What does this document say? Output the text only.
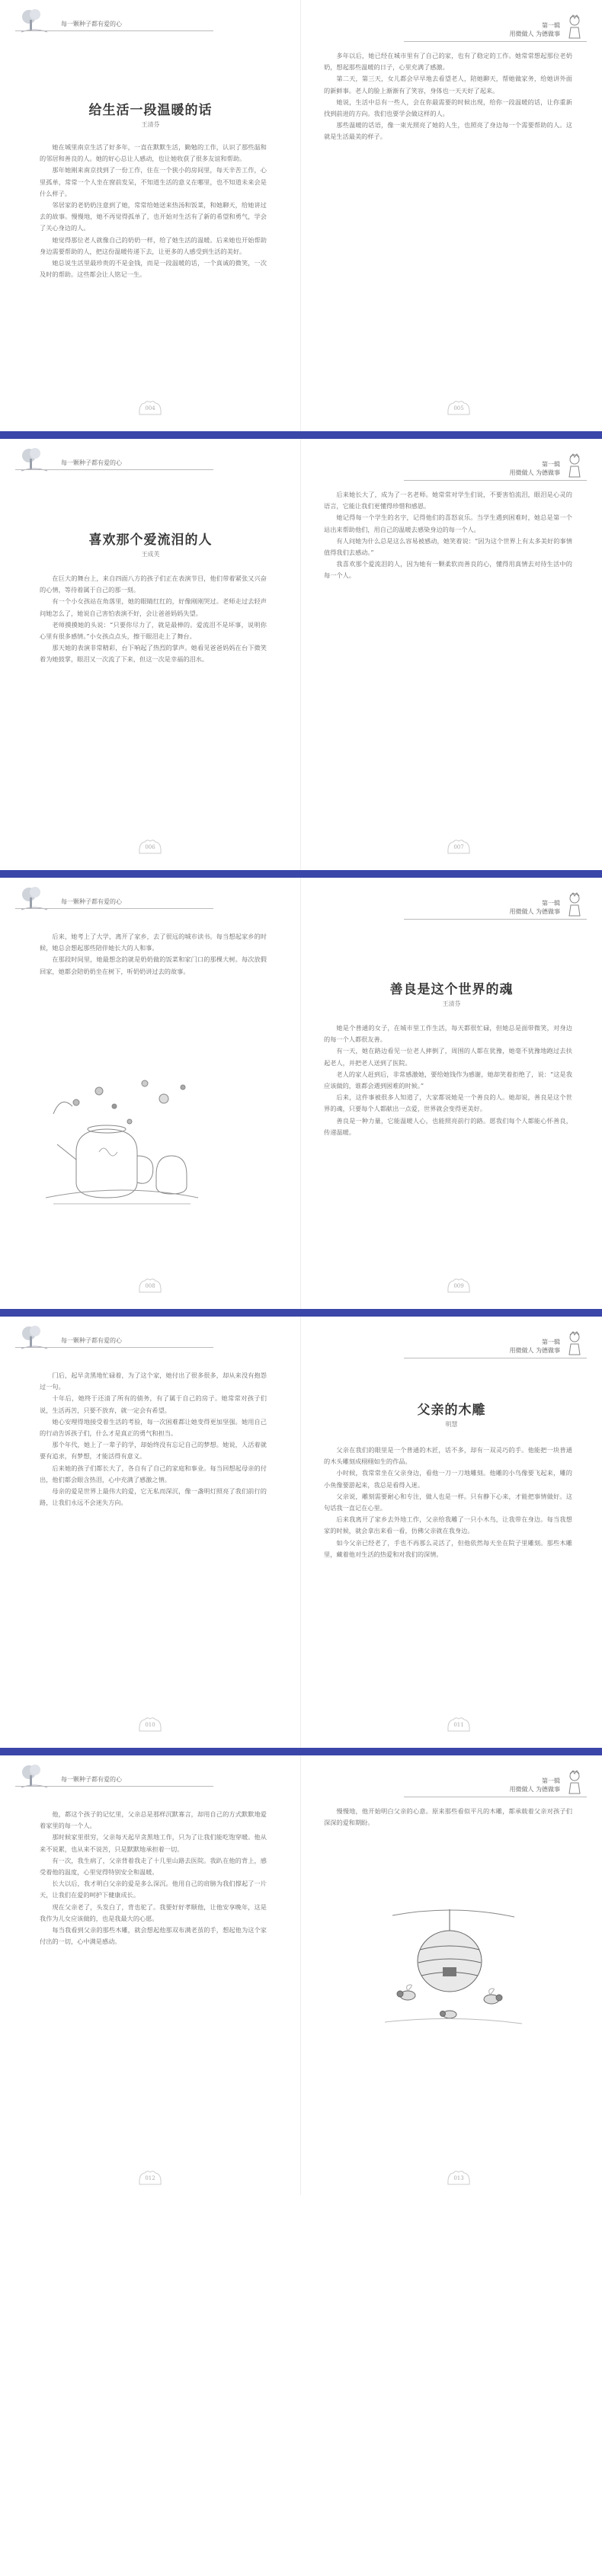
每一颗种子都有爱的心
给生活一段温暖的话
王清芬

她在城里南京生活了好多年，一直在默默生活，勤勉的工作，认识了那些温和的邻居和善良的人。她的好心总让人感动，也让她收获了很多友谊和帮助。

那年她刚来南京找到了一份工作，住在一个狭小的房间里，每天辛苦工作，心里孤单，常常一个人坐在窗前发呆，不知道生活的意义在哪里，也不知道未来会是什么样子。

邻居家的老奶奶注意到了她，常常给她送来热汤和饭菜，和她聊天，给她讲过去的故事。慢慢地，她不再觉得孤单了，也开始对生活有了新的希望和勇气，学会了关心身边的人。

她觉得那位老人就像自己的奶奶一样，给了她生活的温暖。后来她也开始帮助身边需要帮助的人，把这份温暖传递下去，让更多的人感受到生活的美好。

她总说生活里最珍贵的不是金钱，而是一段温暖的话，一个真诚的微笑，一次及时的帮助。这些都会让人铭记一生。

004
第一辑
用微做人 为德做事

多年以后，她已经在城市里有了自己的家，也有了稳定的工作。她常常想起那位老奶奶，想起那些温暖的日子，心里充满了感激。

第二天，第三天，女儿都会早早地去看望老人，陪她聊天，帮她做家务，给她讲外面的新鲜事。老人的脸上渐渐有了笑容，身体也一天天好了起来。

她说，生活中总有一些人，会在你最需要的时候出现，给你一段温暖的话，让你重新找到前进的方向。我们也要学会做这样的人。

那些温暖的话语，像一束光照亮了她的人生，也照亮了身边每一个需要帮助的人。这就是生活最美的样子。

005
每一颗种子都有爱的心
喜欢那个爱流泪的人
王成芙

在巨大的舞台上，来自四面八方的孩子们正在表演节目，他们带着紧张又兴奋的心情，等待着属于自己的那一刻。

有一个小女孩站在角落里，她的眼睛红红的，好像刚刚哭过。老师走过去轻声问她怎么了，她说自己害怕表演不好，会让爸爸妈妈失望。

老师摸摸她的头说：“只要你尽力了，就是最棒的。爱流泪不是坏事，说明你心里有很多感情。”小女孩点点头，擦干眼泪走上了舞台。

那天她的表演非常精彩，台下响起了热烈的掌声。她看见爸爸妈妈在台下微笑着为她鼓掌，眼泪又一次流了下来，但这一次是幸福的泪水。

006
第一辑
用微做人 为德做事

后来她长大了，成为了一名老师。她常常对学生们说，不要害怕流泪，眼泪是心灵的语言，它能让我们更懂得珍惜和感恩。

她记得每一个学生的名字，记得他们的喜怒哀乐。当学生遇到困难时，她总是第一个站出来帮助他们，用自己的温暖去感染身边的每一个人。

有人问她为什么总是这么容易被感动，她笑着说：“因为这个世界上有太多美好的事情值得我们去感动。”

我喜欢那个爱流泪的人，因为她有一颗柔软而善良的心，懂得用真情去对待生活中的每一个人。

007
每一颗种子都有爱的心

后来，她考上了大学，离开了家乡，去了很远的城市读书。每当想起家乡的时候，她总会想起那些陪伴她长大的人和事。

在那段时间里，她最想念的就是奶奶做的饭菜和家门口的那棵大树。每次放假回家，她都会陪奶奶坐在树下，听奶奶讲过去的故事。

008
第一辑
用微做人 为德做事
善良是这个世界的魂
王清芬

她是个普通的女子，在城市里工作生活，每天都很忙碌，但她总是面带微笑，对身边的每一个人都很友善。

有一天，她在路边看见一位老人摔倒了，周围的人都在犹豫，她毫不犹豫地跑过去扶起老人，并把老人送到了医院。

老人的家人赶到后，非常感激她，要给她钱作为感谢，她却笑着拒绝了，说：“这是我应该做的，谁都会遇到困难的时候。”

后来，这件事被很多人知道了，大家都说她是一个善良的人。她却说，善良是这个世界的魂，只要每个人都献出一点爱，世界就会变得更美好。

善良是一种力量，它能温暖人心，也能照亮前行的路。愿我们每个人都能心怀善良，传递温暖。

009
每一颗种子都有爱的心

门后，起早贪黑地忙碌着，为了这个家，她付出了很多很多，却从来没有抱怨过一句。

十年后，她终于还清了所有的债务，有了属于自己的房子。她常常对孩子们说，生活再苦，只要不放弃，就一定会有希望。

她心安理得地接受着生活的考验，每一次困难都让她变得更加坚强。她用自己的行动告诉孩子们，什么才是真正的勇气和担当。

那个年代，她上了一辈子的学，却始终没有忘记自己的梦想。她说，人活着就要有追求，有梦想，才能活得有意义。

后来她的孩子们都长大了，各自有了自己的家庭和事业。每当回想起母亲的付出，他们都会眼含热泪，心中充满了感激之情。

母亲的爱是世界上最伟大的爱，它无私而深沉，像一盏明灯照亮了我们前行的路，让我们永远不会迷失方向。

010
第一辑
用微做人 为德做事
父亲的木雕
明慧

父亲在我们的眼里是一个普通的木匠，话不多，却有一双灵巧的手。他能把一块普通的木头雕刻成栩栩如生的作品。

小时候，我常常坐在父亲身边，看他一刀一刀地雕刻。他雕的小鸟像要飞起来，雕的小鱼像要游起来，我总是看得入迷。

父亲说，雕刻需要耐心和专注，做人也是一样。只有静下心来，才能把事情做好。这句话我一直记在心里。

后来我离开了家乡去外地工作，父亲给我雕了一只小木鸟，让我带在身边。每当我想家的时候，就会拿出来看一看，仿佛父亲就在我身边。

如今父亲已经老了，手也不再那么灵活了，但他依然每天坐在院子里雕刻。那些木雕里，藏着他对生活的热爱和对我们的深情。

011
每一颗种子都有爱的心

他，都这个孩子的记忆里，父亲总是那样沉默寡言，却用自己的方式默默地爱着家里的每一个人。

那时候家里很穷，父亲每天起早贪黑地工作，只为了让我们能吃饱穿暖。他从来不说累，也从来不说苦，只是默默地承担着一切。

有一次，我生病了，父亲背着我走了十几里山路去医院。我趴在他的背上，感受着他的温度，心里觉得特别安全和温暖。

长大以后，我才明白父亲的爱是多么深沉。他用自己的肩膀为我们撑起了一片天，让我们在爱的呵护下健康成长。

现在父亲老了，头发白了，背也驼了。我要好好孝顺他，让他安享晚年，这是我作为儿女应该做的，也是我最大的心愿。

每当我看到父亲的那些木雕，就会想起他那双布满老茧的手，想起他为这个家付出的一切，心中满是感动。

012
第一辑
用微做人 为德做事

慢慢地，他开始明白父亲的心意。原来那些看似平凡的木雕，都承载着父亲对孩子们深深的爱和期盼。

013
